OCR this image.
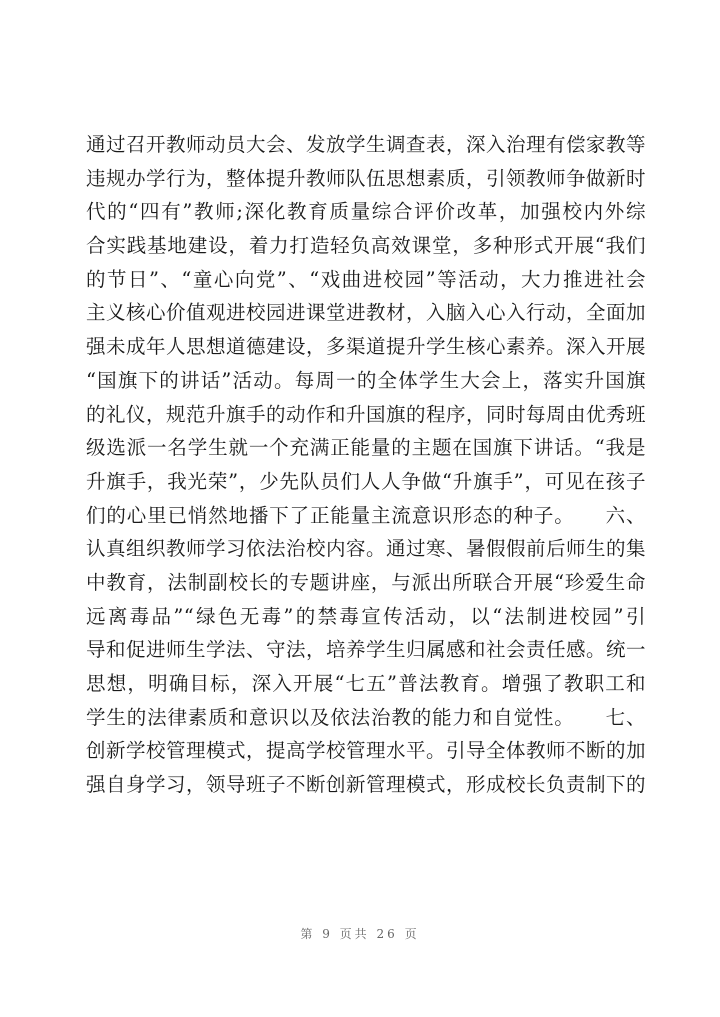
通过召开教师动员大会、发放学生调查表，深入治理有偿家教等
违规办学行为，整体提升教师队伍思想素质，引领教师争做新时
代的“四有”教师;深化教育质量综合评价改革，加强校内外综
合实践基地建设，着力打造轻负高效课堂，多种形式开展“我们
的节日”、“童心向党”、“戏曲进校园”等活动，大力推进社会
主义核心价值观进校园进课堂进教材，入脑入心入行动，全面加
强未成年人思想道德建设，多渠道提升学生核心素养。深入开展
“国旗下的讲话”活动。每周一的全体学生大会上，落实升国旗
的礼仪，规范升旗手的动作和升国旗的程序，同时每周由优秀班
级选派一名学生就一个充满正能量的主题在国旗下讲话。“我是
升旗手，我光荣”，少先队员们人人争做“升旗手”，可见在孩子
们的心里已悄然地播下了正能量主流意识形态的种子。　　六、
认真组织教师学习依法治校内容。通过寒、暑假假前后师生的集
中教育，法制副校长的专题讲座，与派出所联合开展“珍爱生命
远离毒品”“绿色无毒”的禁毒宣传活动，以“法制进校园”引
导和促进师生学法、守法，培养学生归属感和社会责任感。统一
思想，明确目标，深入开展“七五”普法教育。增强了教职工和
学生的法律素质和意识以及依法治教的能力和自觉性。　　七、
创新学校管理模式，提高学校管理水平。引导全体教师不断的加
强自身学习，领导班子不断创新管理模式，形成校长负责制下的
第 9 页共 26 页
